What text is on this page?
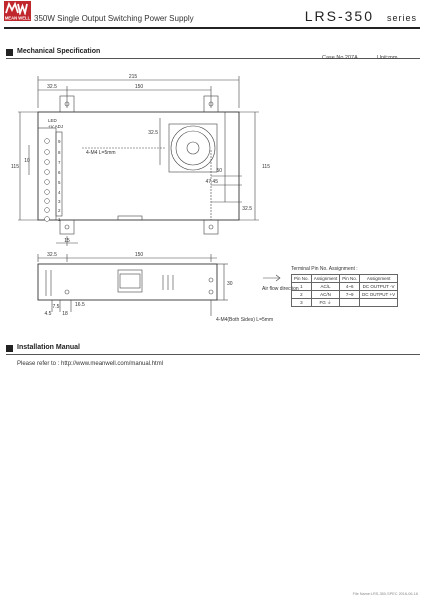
MEAN WELL 350W Single Output Switching Power Supply	LRS-350 series
Mechanical Specification
Case No.207A	Unit:mm
215
32.5	150
115
10
15
32.5
4-M4 L=5mm
50
47.45
32.5
115
32.5	150
30
7.5
18
4.5
16.5
4-M4(Both Sides) L=5mm
Air flow direction
LED
+V ADJ
9
8
7
6
5
4
3
2
1
Terminal Pin No. Assignment :
Pin No.	Assignment	Pin No.	Assignment
1	AC/L	4~6	DC OUTPUT -V
2	AC/N	7~9	DC OUTPUT +V
3	FG ⏚		
Installation Manual
Please refer to : http://www.meanwell.com/manual.html
File Name:LRS-350-SPEC 2016-06-16
